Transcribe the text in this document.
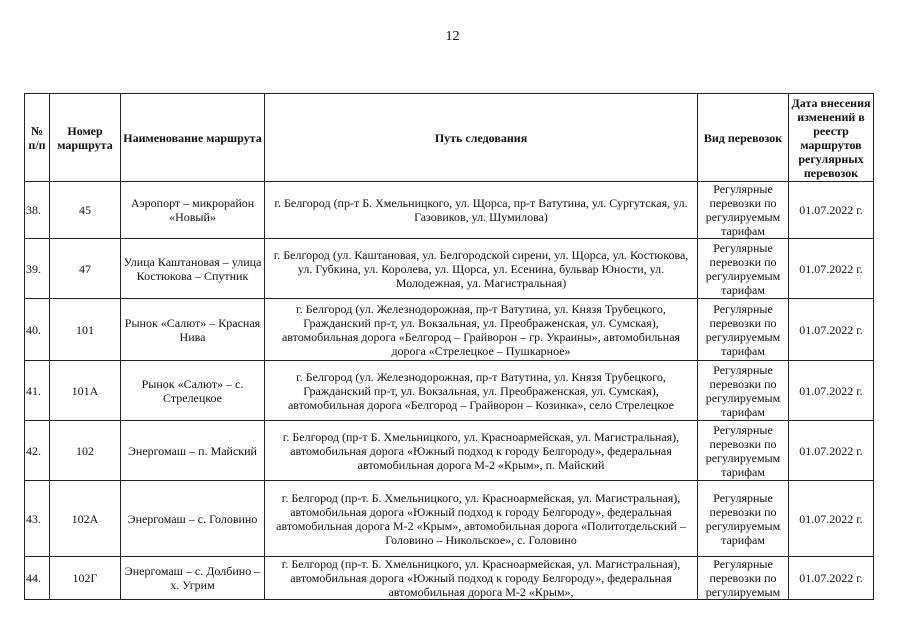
12
№ п/п	Номер маршрута	Наименование маршрута	Путь следования	Вид перевозок	Дата внесения изменений в реестр маршрутов регулярных перевозок
38.	45	Аэропорт – микрорайон «Новый»	г. Белгород (пр-т Б. Хмельницкого, ул. Щорса, пр-т Ватутина, ул. Сургутская, ул. Газовиков, ул. Шумилова)	Регулярные перевозки по регулируемым тарифам	01.07.2022 г.
39.	47	Улица Каштановая – улица Костюкова – Спутник	г. Белгород (ул. Каштановая, ул. Белгородской сирени, ул. Щорса, ул. Костюкова, ул. Губкина, ул. Королева, ул. Щорса, ул. Есенина, бульвар Юности, ул. Молодежная, ул. Магистральная)	Регулярные перевозки по регулируемым тарифам	01.07.2022 г.
40.	101	Рынок «Салют» – Красная Нива	г. Белгород (ул. Железнодорожная, пр-т Ватутина, ул. Князя Трубецкого, Гражданский пр-т, ул. Вокзальная, ул. Преображенская, ул. Сумская), автомобильная дорога «Белгород – Грайворон – гр. Украины», автомобильная дорога «Стрелецкое – Пушкарное»	Регулярные перевозки по регулируемым тарифам	01.07.2022 г.
41.	101А	Рынок «Салют» – с. Стрелецкое	г. Белгород (ул. Железнодорожная, пр-т Ватутина, ул. Князя Трубецкого, Гражданский пр-т, ул. Вокзальная, ул. Преображенская, ул. Сумская), автомобильная дорога «Белгород – Грайворон – Козинка», село Стрелецкое	Регулярные перевозки по регулируемым тарифам	01.07.2022 г.
42.	102	Энергомаш – п. Майский	г. Белгород (пр-т Б. Хмельницкого, ул. Красноармейская, ул. Магистральная), автомобильная дорога «Южный подход к городу Белгороду», федеральная автомобильная дорога М-2 «Крым», п. Майский	Регулярные перевозки по регулируемым тарифам	01.07.2022 г.
43.	102А	Энергомаш – с. Головино	г. Белгород (пр-т. Б. Хмельницкого, ул. Красноармейская, ул. Магистральная), автомобильная дорога «Южный подход к городу Белгороду», федеральная автомобильная дорога М-2 «Крым», автомобильная дорога «Политотдельский – Головино – Никольское», с. Головино	Регулярные перевозки по регулируемым тарифам	01.07.2022 г.
44.	102Г	Энергомаш – с. Долбино – х. Угрим	г. Белгород (пр-т. Б. Хмельницкого, ул. Красноармейская, ул. Магистральная), автомобильная дорога «Южный подход к городу Белгороду», федеральная автомобильная дорога М-2 «Крым»,	Регулярные перевозки по регулируемым	01.07.2022 г.
